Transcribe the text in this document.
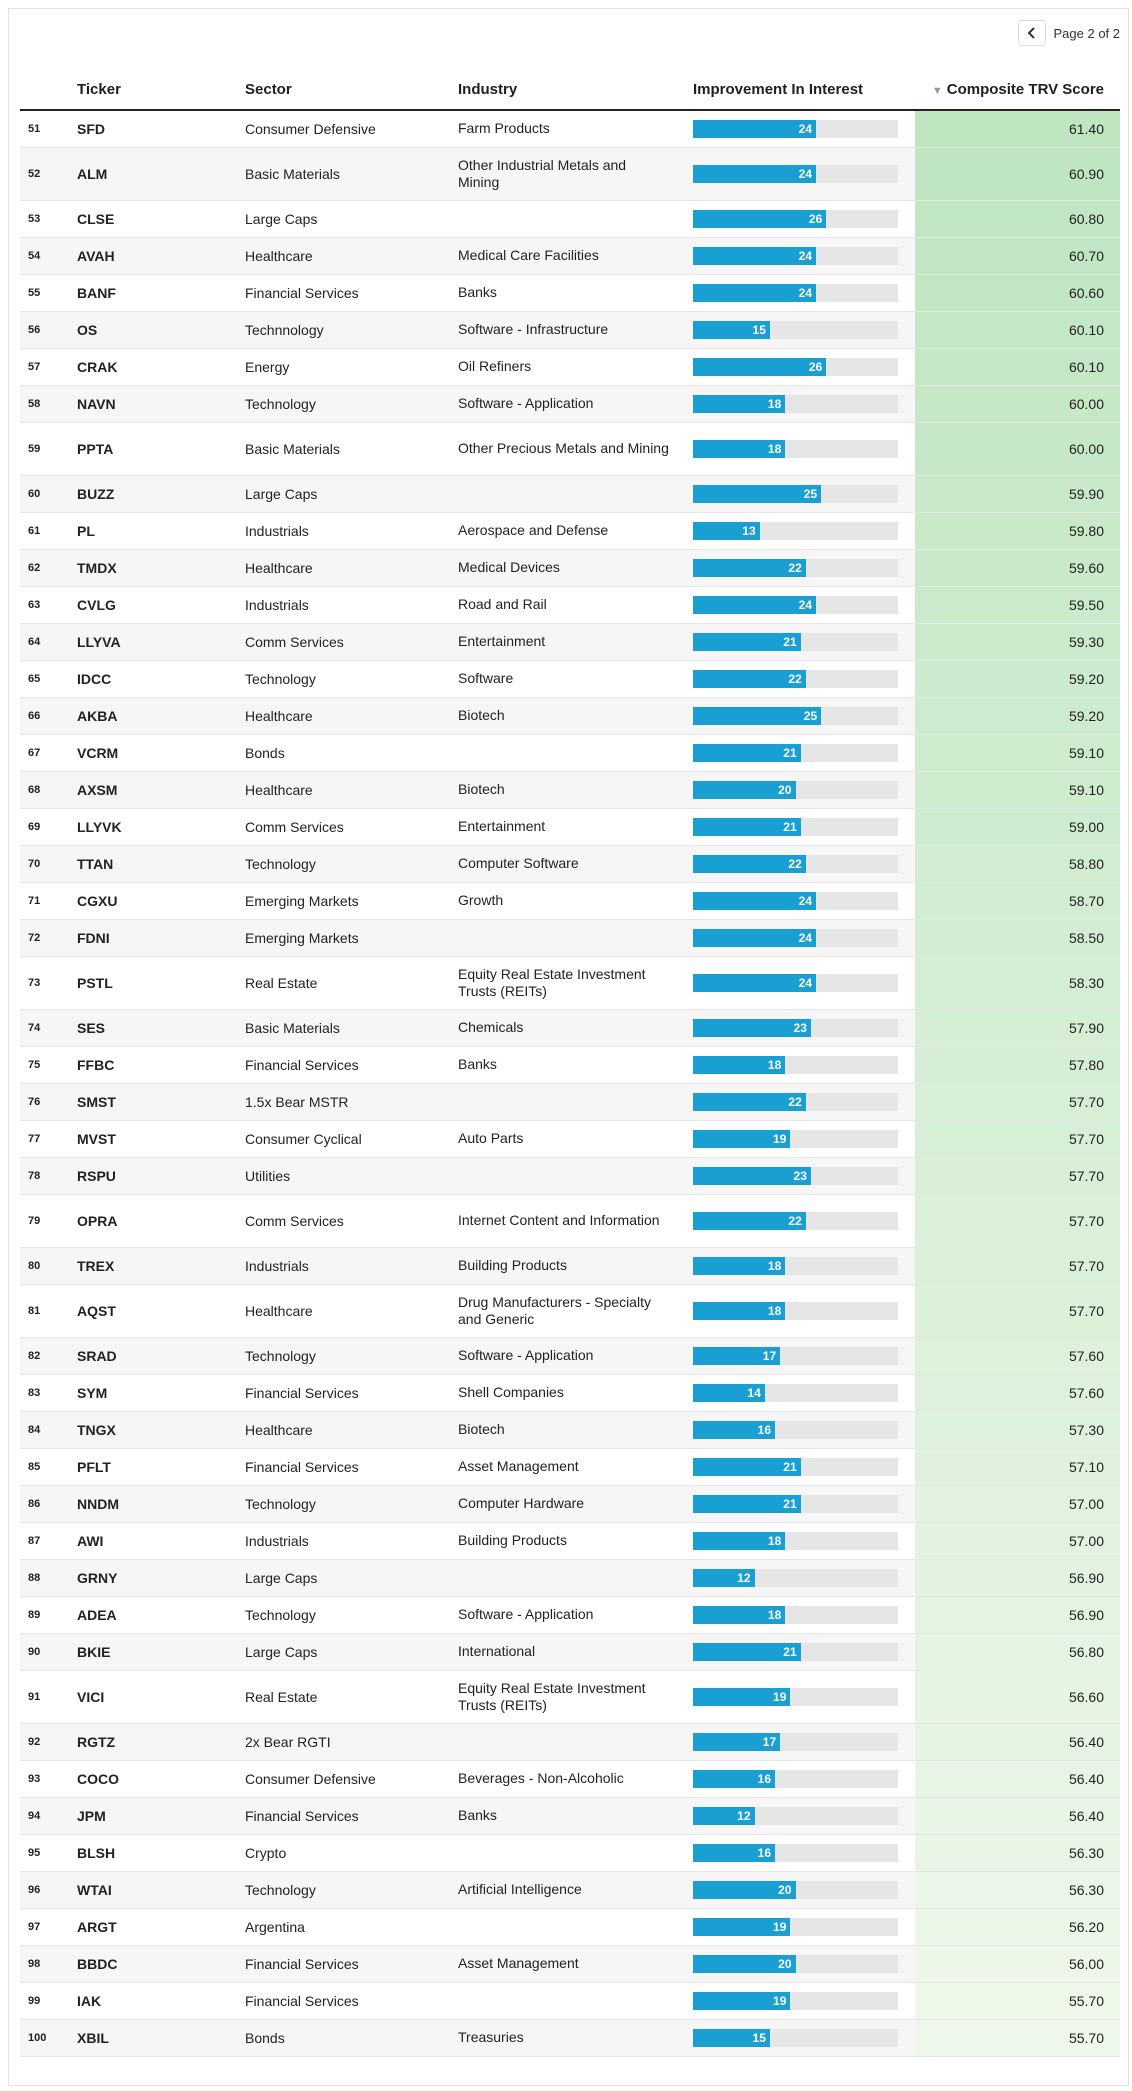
Page 2 of 2
	Ticker	Sector	Industry	Improvement In Interest	▼ Composite TRV Score
51	SFD	Consumer Defensive	Farm Products	24	61.40
52	ALM	Basic Materials	Other Industrial Metals and Mining	24	60.90
53	CLSE	Large Caps		26	60.80
54	AVAH	Healthcare	Medical Care Facilities	24	60.70
55	BANF	Financial Services	Banks	24	60.60
56	OS	Technnology	Software - Infrastructure	15	60.10
57	CRAK	Energy	Oil Refiners	26	60.10
58	NAVN	Technology	Software - Application	18	60.00
59	PPTA	Basic Materials	Other Precious Metals and Mining	18	60.00
60	BUZZ	Large Caps		25	59.90
61	PL	Industrials	Aerospace and Defense	13	59.80
62	TMDX	Healthcare	Medical Devices	22	59.60
63	CVLG	Industrials	Road and Rail	24	59.50
64	LLYVA	Comm Services	Entertainment	21	59.30
65	IDCC	Technology	Software	22	59.20
66	AKBA	Healthcare	Biotech	25	59.20
67	VCRM	Bonds		21	59.10
68	AXSM	Healthcare	Biotech	20	59.10
69	LLYVK	Comm Services	Entertainment	21	59.00
70	TTAN	Technology	Computer Software	22	58.80
71	CGXU	Emerging Markets	Growth	24	58.70
72	FDNI	Emerging Markets		24	58.50
73	PSTL	Real Estate	Equity Real Estate Investment Trusts (REITs)	24	58.30
74	SES	Basic Materials	Chemicals	23	57.90
75	FFBC	Financial Services	Banks	18	57.80
76	SMST	1.5x Bear MSTR		22	57.70
77	MVST	Consumer Cyclical	Auto Parts	19	57.70
78	RSPU	Utilities		23	57.70
79	OPRA	Comm Services	Internet Content and Information	22	57.70
80	TREX	Industrials	Building Products	18	57.70
81	AQST	Healthcare	Drug Manufacturers - Specialty and Generic	18	57.70
82	SRAD	Technology	Software - Application	17	57.60
83	SYM	Financial Services	Shell Companies	14	57.60
84	TNGX	Healthcare	Biotech	16	57.30
85	PFLT	Financial Services	Asset Management	21	57.10
86	NNDM	Technology	Computer Hardware	21	57.00
87	AWI	Industrials	Building Products	18	57.00
88	GRNY	Large Caps		12	56.90
89	ADEA	Technology	Software - Application	18	56.90
90	BKIE	Large Caps	International	21	56.80
91	VICI	Real Estate	Equity Real Estate Investment Trusts (REITs)	19	56.60
92	RGTZ	2x Bear RGTI		17	56.40
93	COCO	Consumer Defensive	Beverages - Non-Alcoholic	16	56.40
94	JPM	Financial Services	Banks	12	56.40
95	BLSH	Crypto		16	56.30
96	WTAI	Technology	Artificial Intelligence	20	56.30
97	ARGT	Argentina		19	56.20
98	BBDC	Financial Services	Asset Management	20	56.00
99	IAK	Financial Services		19	55.70
100	XBIL	Bonds	Treasuries	15	55.70
